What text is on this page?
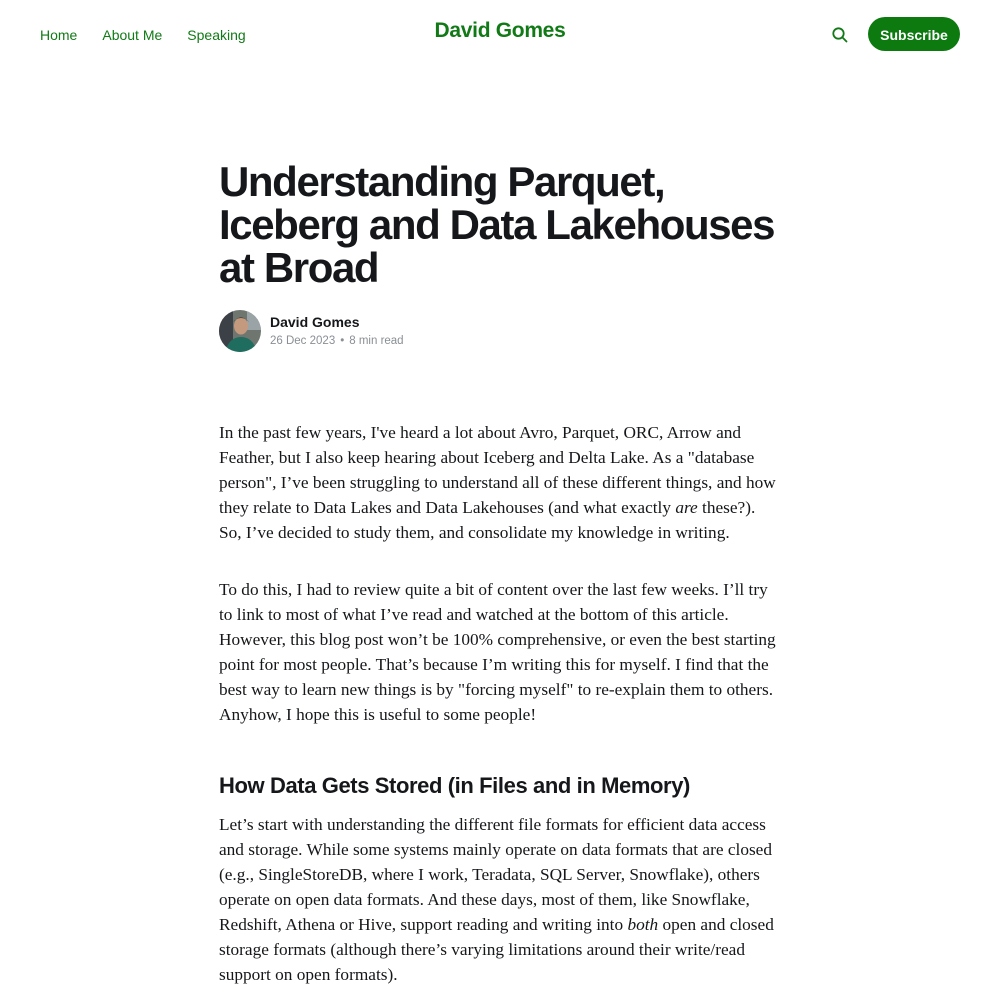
Home About Me Speaking	David Gomes	Subscribe
Understanding Parquet, Iceberg and Data Lakehouses at Broad
David Gomes
26 Dec 2023 • 8 min read

In the past few years, I've heard a lot about Avro, Parquet, ORC, Arrow and Feather, but I also keep hearing about Iceberg and Delta Lake. As a "database person", I’ve been struggling to understand all of these different things, and how they relate to Data Lakes and Data Lakehouses (and what exactly are these?). So, I’ve decided to study them, and consolidate my knowledge in writing.

To do this, I had to review quite a bit of content over the last few weeks. I’ll try to link to most of what I’ve read and watched at the bottom of this article. However, this blog post won’t be 100% comprehensive, or even the best starting point for most people. That’s because I’m writing this for myself. I find that the best way to learn new things is by "forcing myself" to re-explain them to others. Anyhow, I hope this is useful to some people!

How Data Gets Stored (in Files and in Memory)

Let’s start with understanding the different file formats for efficient data access and storage. While some systems mainly operate on data formats that are closed (e.g., SingleStoreDB, where I work, Teradata, SQL Server, Snowflake), others operate on open data formats. And these days, most of them, like Snowflake, Redshift, Athena or Hive, support reading and writing into both open and closed storage formats (although there’s varying limitations around their write/read support on open formats).
